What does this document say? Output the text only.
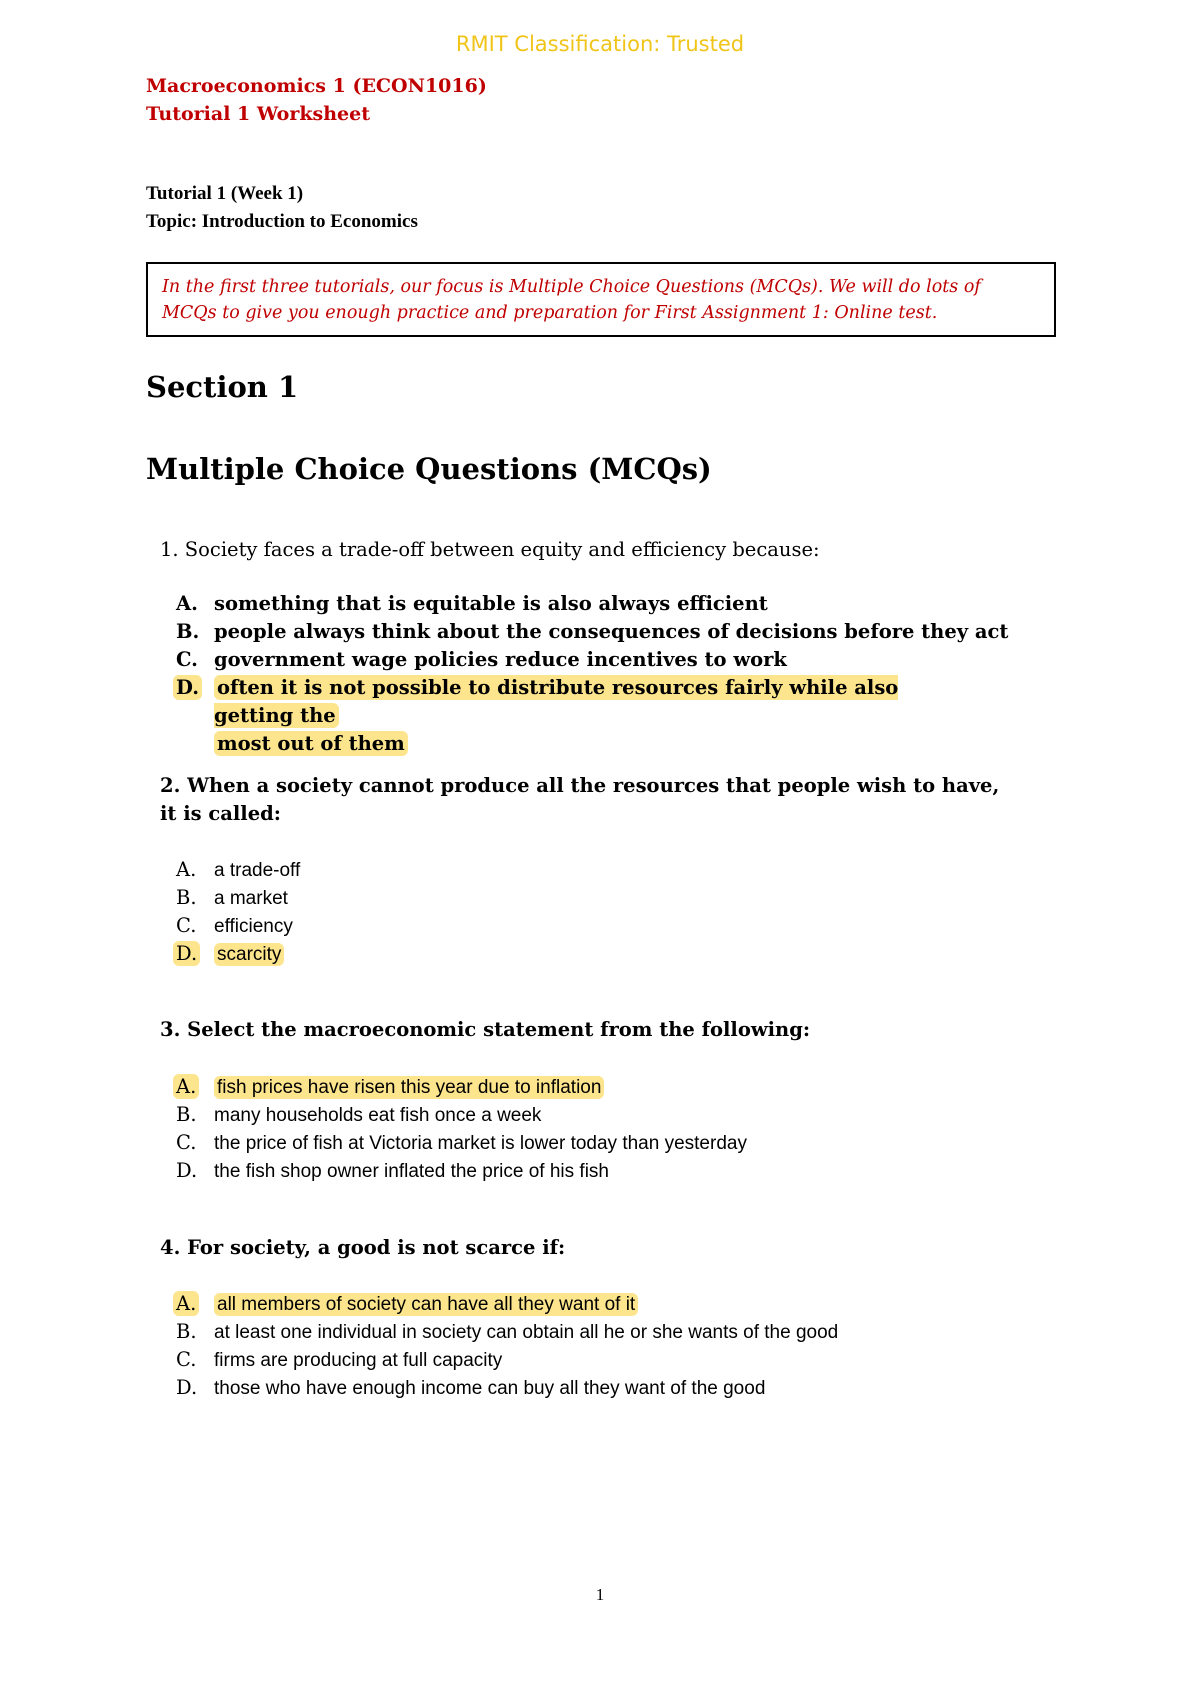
RMIT Classification: Trusted
Macroeconomics 1 (ECON1016)
Tutorial 1 Worksheet
Tutorial 1 (Week 1)
Topic: Introduction to Economics
In the first three tutorials, our focus is Multiple Choice Questions (MCQs). We will do lots of MCQs to give you enough practice and preparation for First Assignment 1: Online test.
Section 1
Multiple Choice Questions (MCQs)
1. Society faces a trade-off between equity and efficiency because:
A. something that is equitable is also always efficient
B. people always think about the consequences of decisions before they act
C. government wage policies reduce incentives to work
D. often it is not possible to distribute resources fairly while also getting the
most out of them
2. When a society cannot produce all the resources that people wish to have, it is called:
A. a trade-off
B. a market
C. efficiency
D. scarcity
3. Select the macroeconomic statement from the following:
A. fish prices have risen this year due to inflation
B. many households eat fish once a week
C. the price of fish at Victoria market is lower today than yesterday
D. the fish shop owner inflated the price of his fish
4. For society, a good is not scarce if:
A. all members of society can have all they want of it
B. at least one individual in society can obtain all he or she wants of the good
C. firms are producing at full capacity
D. those who have enough income can buy all they want of the good
1
